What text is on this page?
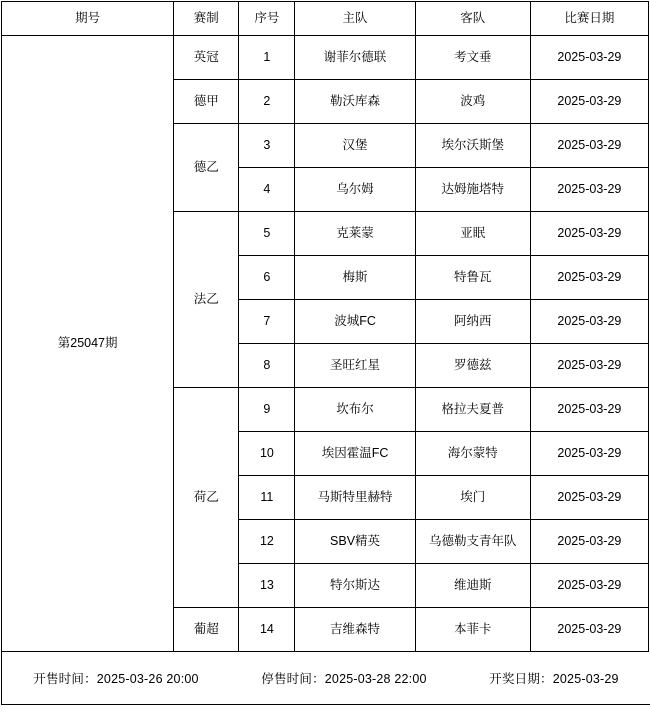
期号	赛制	序号	主队	客队	比赛日期
第25047期	英冠	1	谢菲尔德联	考文垂	2025-03-29
	德甲	2	勒沃库森	波鸡	2025-03-29
	德乙	3	汉堡	埃尔沃斯堡	2025-03-29
		4	乌尔姆	达姆施塔特	2025-03-29
	法乙	5	克莱蒙	亚眠	2025-03-29
		6	梅斯	特鲁瓦	2025-03-29
		7	波城FC	阿纳西	2025-03-29
		8	圣旺红星	罗德兹	2025-03-29
	荷乙	9	坎布尔	格拉夫夏普	2025-03-29
		10	埃因霍温FC	海尔蒙特	2025-03-29
		11	马斯特里赫特	埃门	2025-03-29
		12	SBV精英	乌德勒支青年队	2025-03-29
		13	特尔斯达	维迪斯	2025-03-29
	葡超	14	吉维森特	本菲卡	2025-03-29
开售时间：2025-03-26 20:00	停售时间：2025-03-28 22:00	开奖日期：2025-03-29
